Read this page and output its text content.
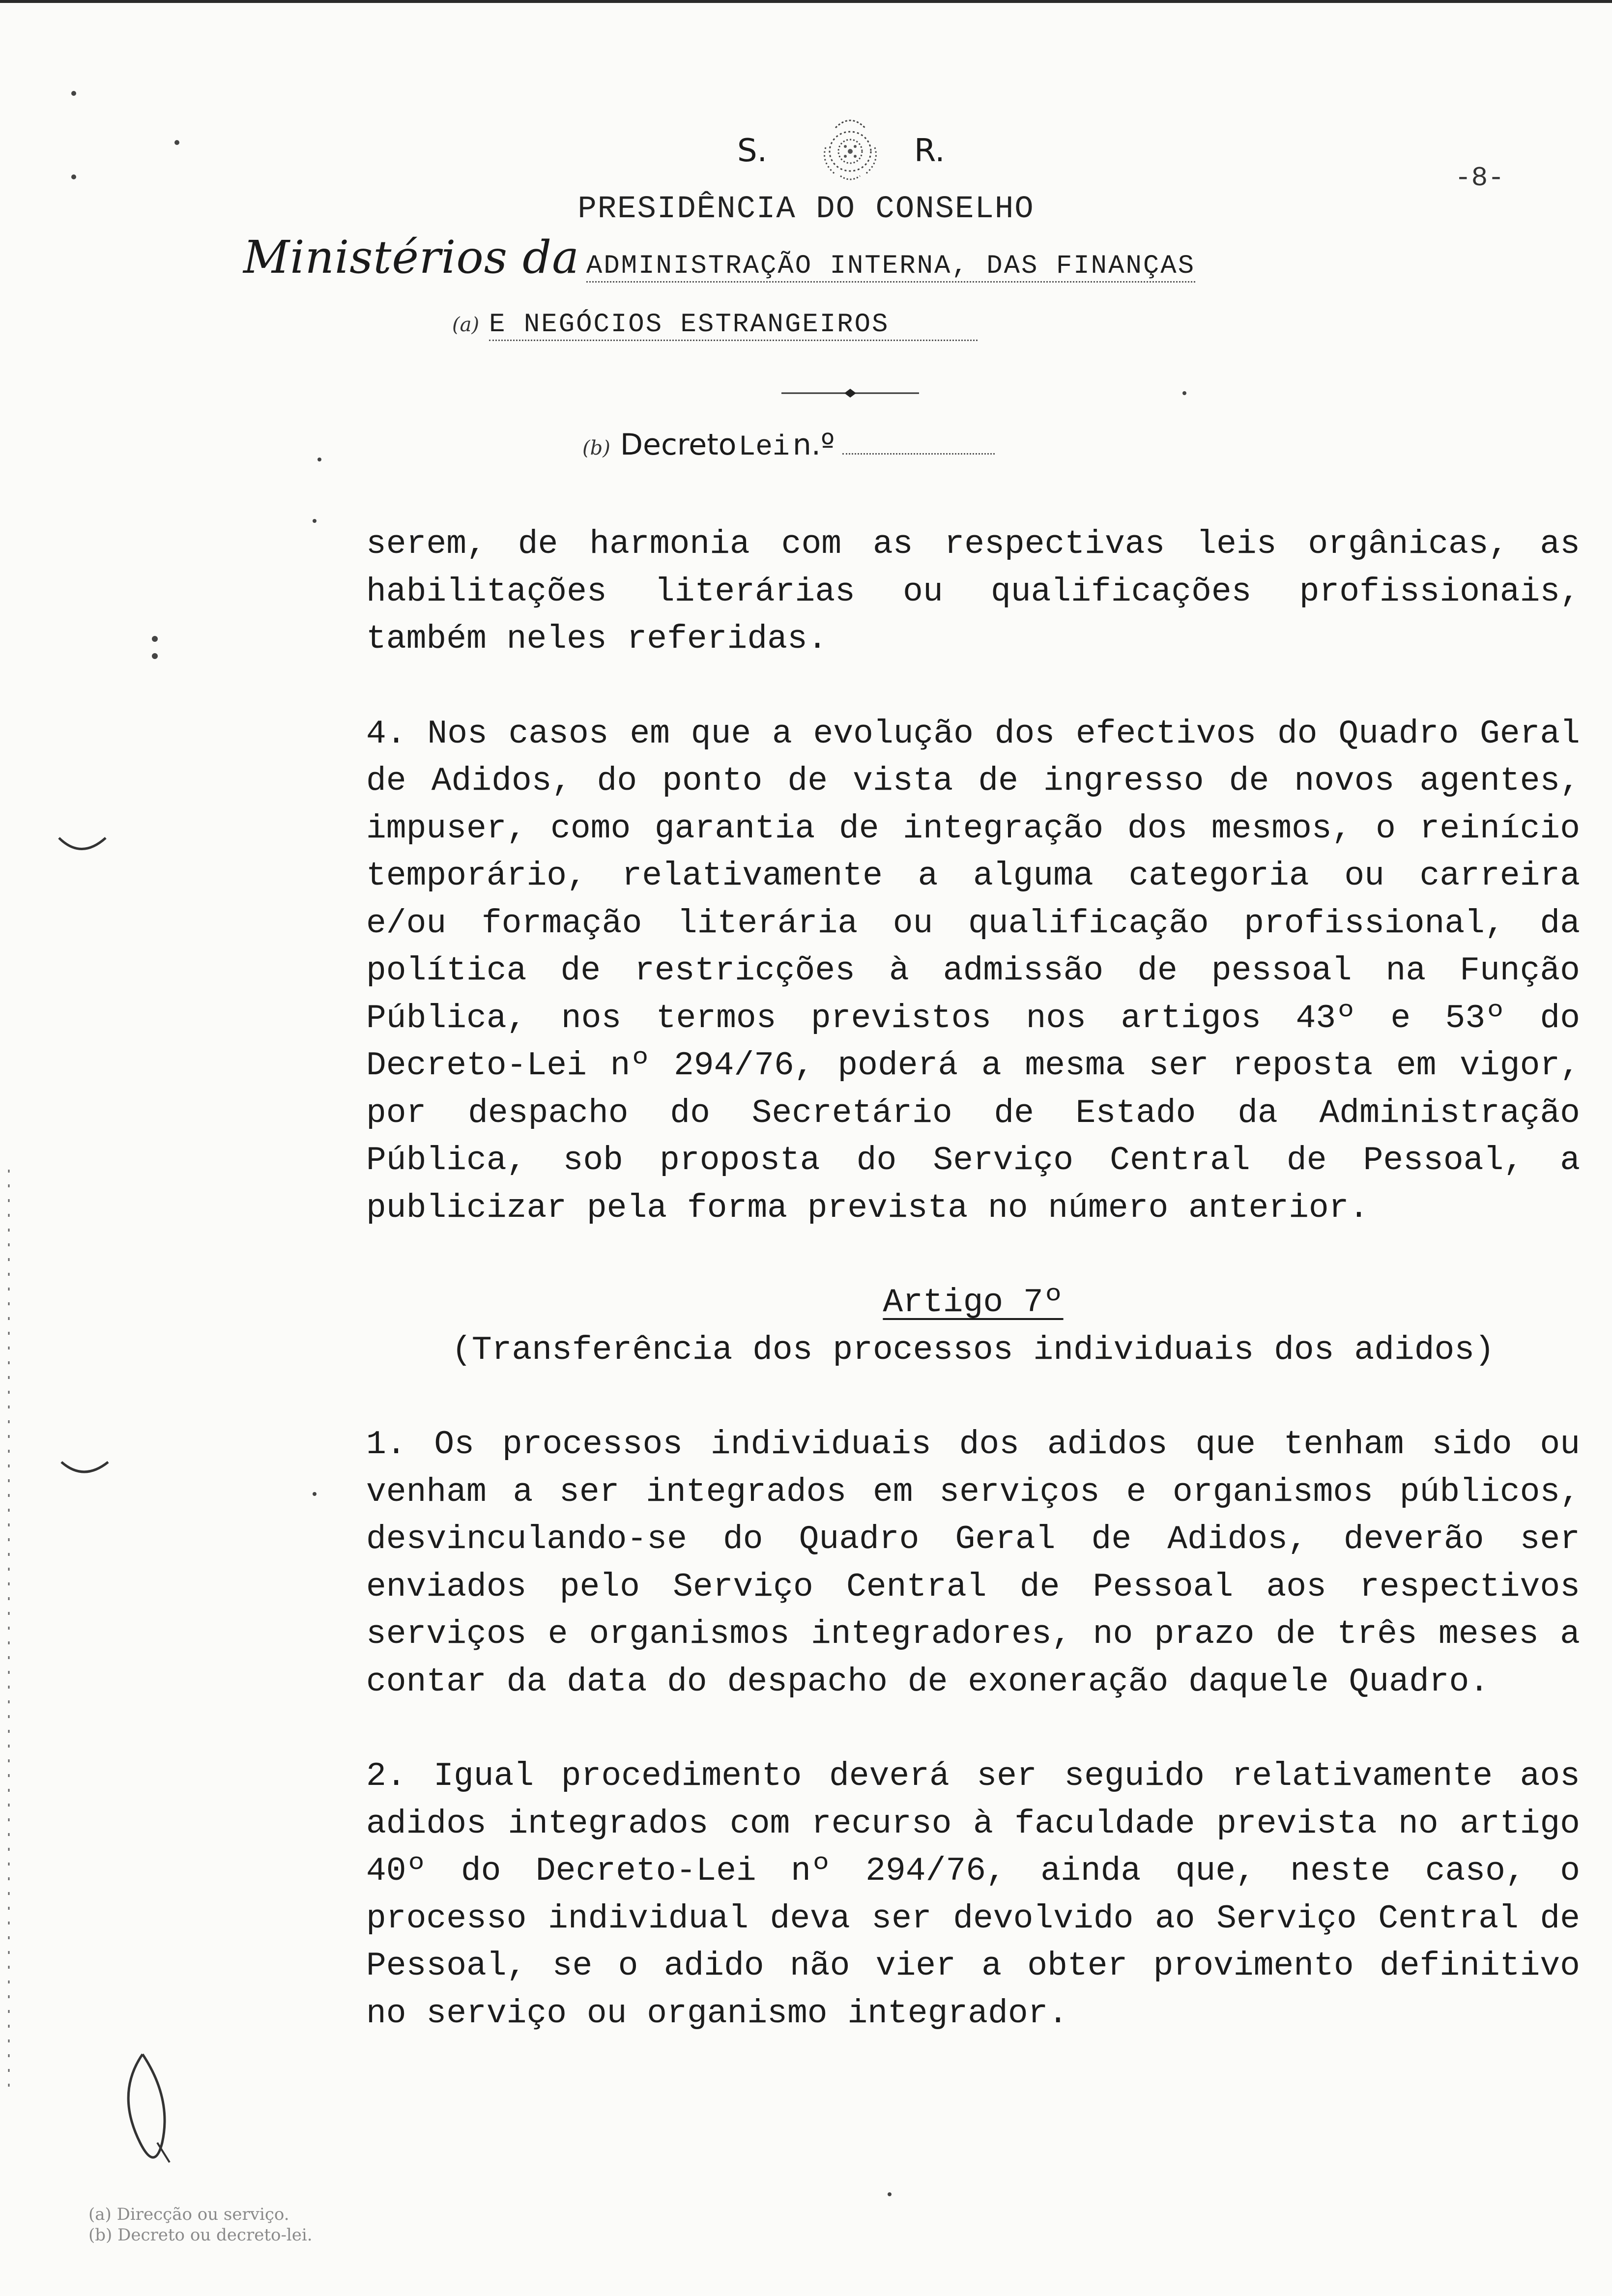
S.	R.
-8-
PRESIDÊNCIA DO CONSELHO
Ministérios da ADMINISTRAÇÃO INTERNA, DAS FINANÇAS
(a) E NEGÓCIOS ESTRANGEIROS
(b) Decreto Lei n.º

serem, de harmonia com as respectivas leis orgânicas, as habilitações literárias ou qualificações profissionais, também neles referidas.

4. Nos casos em que a evolução dos efectivos do Quadro Geral de Adidos, do ponto de vista de ingresso de novos agentes, impuser, como garantia de integração dos mesmos, o reinício temporário, relativamente a alguma categoria ou carreira e/ou formação literária ou qualificação profissional, da política de restricções à admissão de pessoal na Função Pública, nos termos previstos nos artigos 43º e 53º do Decreto-Lei nº 294/76, poderá a mesma ser reposta em vigor, por despacho do Secretário de Estado da Administração Pública, sob proposta do Serviço Central de Pessoal, a publicizar pela forma prevista no número anterior.

Artigo 7º
(Transferência dos processos individuais dos adidos)

1. Os processos individuais dos adidos que tenham sido ou venham a ser integrados em serviços e organismos públicos, desvinculando-se do Quadro Geral de Adidos, deverão ser enviados pelo Serviço Central de Pessoal aos respectivos serviços e organismos integradores, no prazo de três meses a contar da data do despacho de exoneração daquele Quadro.

2. Igual procedimento deverá ser seguido relativamente aos adidos integrados com recurso à faculdade prevista no artigo 40º do Decreto-Lei nº 294/76, ainda que, neste caso, o processo individual deva ser devolvido ao Serviço Central de Pessoal, se o adido não vier a obter provimento definitivo no serviço ou organismo integrador.

(a) Direcção ou serviço.
(b) Decreto ou decreto-lei.
